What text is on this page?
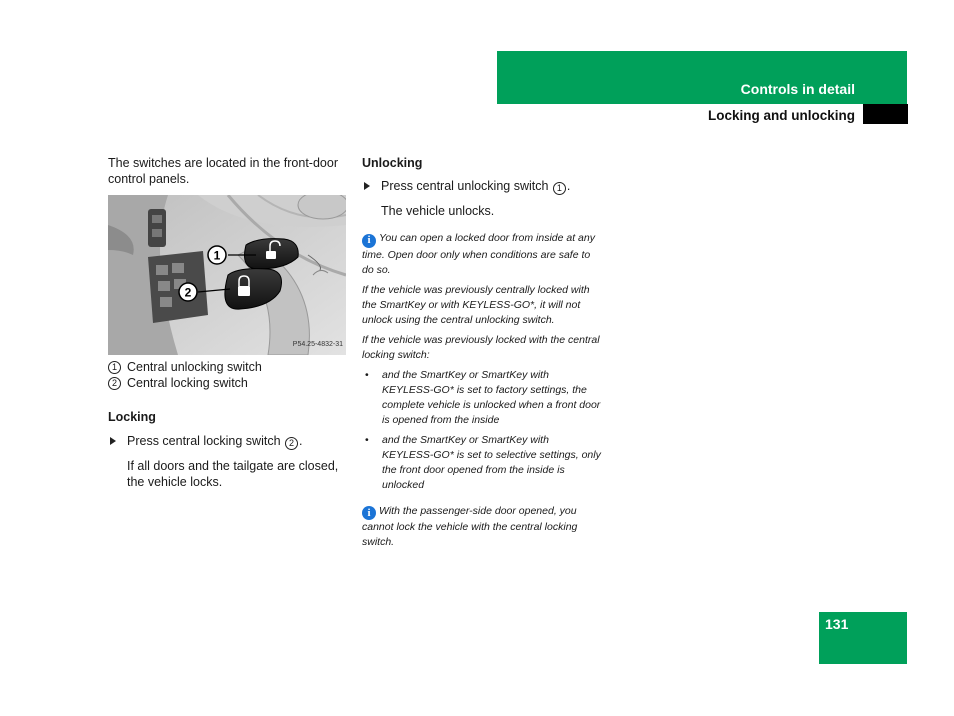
Controls in detail
Locking and unlocking

The switches are located in the front-door control panels.

1
2
P54.25-4832-31
1 Central unlocking switch
2 Central locking switch

Locking

Press central locking switch 2 .
If all doors and the tailgate are closed, the vehicle locks.

Unlocking

Press central unlocking switch 1 .
The vehicle unlocks.
i You can open a locked door from inside at any time. Open door only when conditions are safe to do so.
If the vehicle was previously centrally locked with the SmartKey or with KEYLESS-GO*, it will not unlock using the central unlocking switch.
If the vehicle was previously locked with the central locking switch:
• and the SmartKey or SmartKey with KEYLESS-GO* is set to factory settings, the complete vehicle is unlocked when a front door is opened from the inside
• and the SmartKey or SmartKey with KEYLESS-GO* is set to selective settings, only the front door opened from the inside is unlocked
i With the passenger-side door opened, you cannot lock the vehicle with the central locking switch.
131
